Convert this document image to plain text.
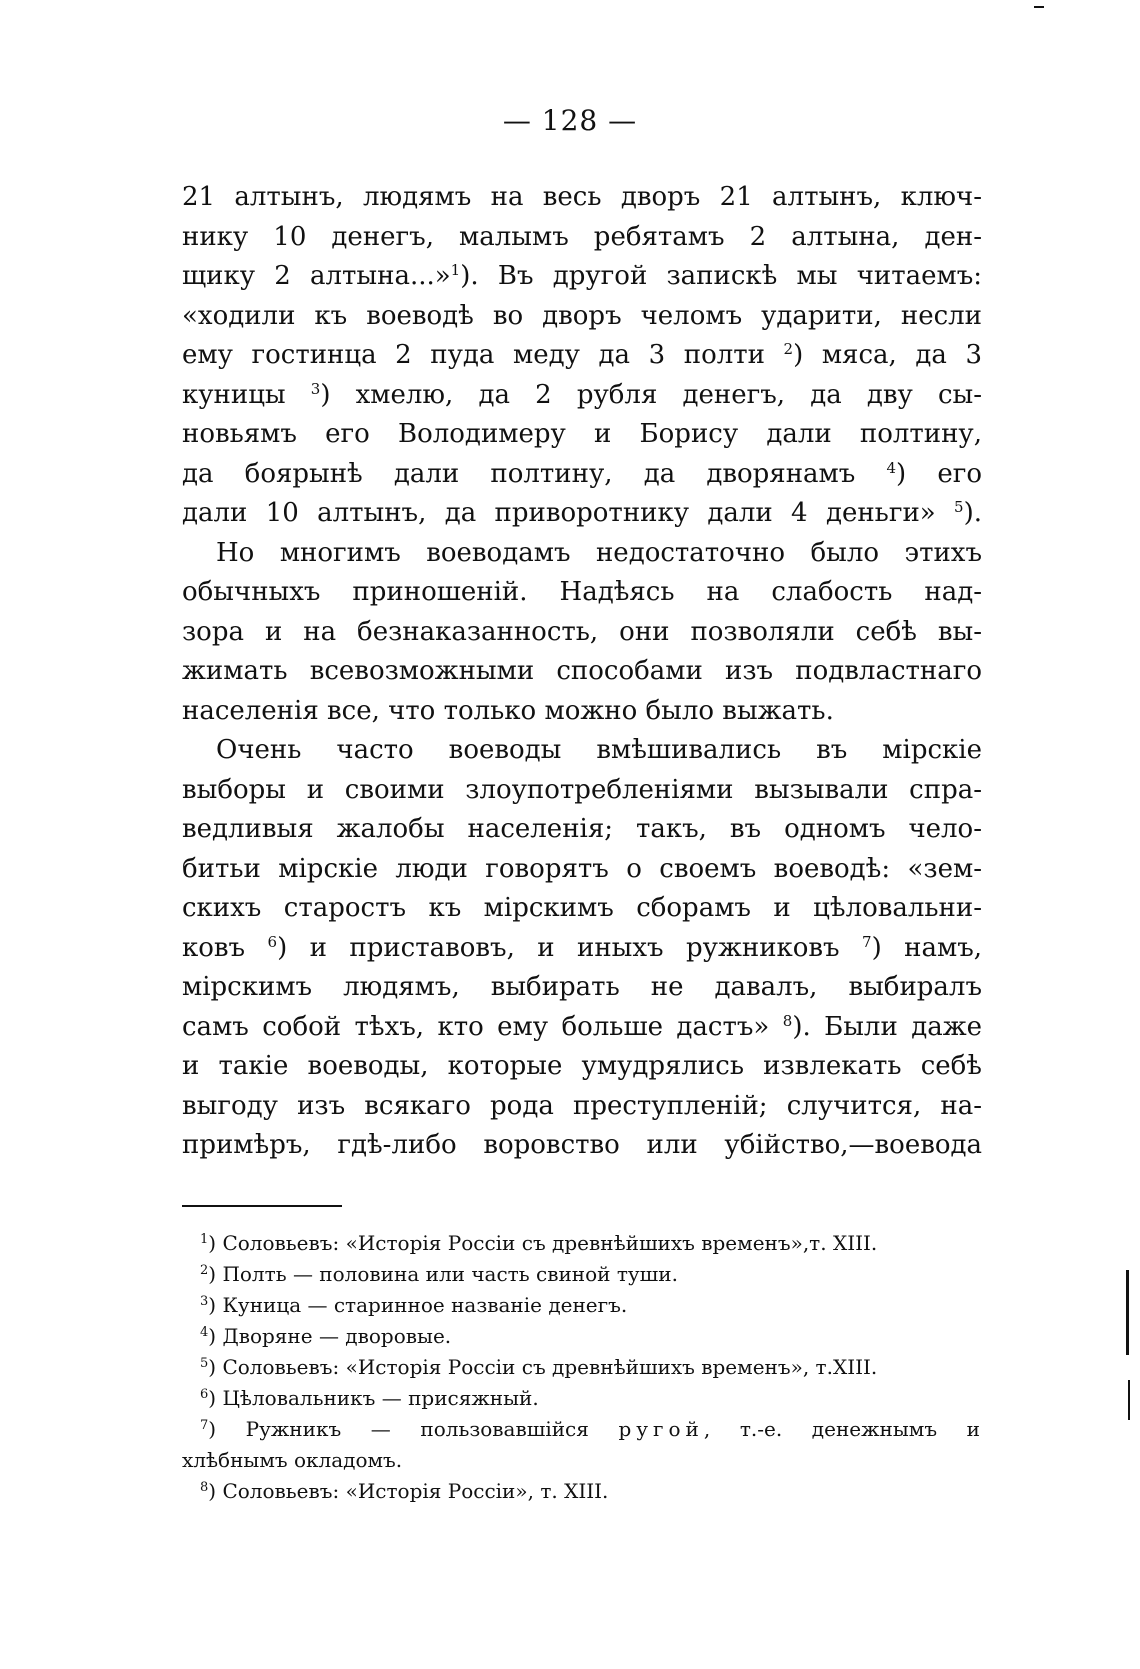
— 128 —
21 алтынъ, людямъ на весь дворъ 21 алтынъ, ключ-
нику 10 денегъ, малымъ ребятамъ 2 алтына, ден-
щику 2 алтына...»$^1$). Въ другой запискѣ мы читаемъ:
«ходили къ воеводѣ во дворъ челомъ ударити, несли
ему гостинца 2 пуда меду да 3 полти $^2$) мяса, да 3
куницы $^3$) хмелю, да 2 рубля денегъ, да дву сы-
новьямъ его Володимеру и Борису дали полтину,
да боярынѣ дали полтину, да дворянамъ $^4$) его
дали 10 алтынъ, да приворотнику дали 4 деньги» $^5$).
Но многимъ воеводамъ недостаточно было этихъ
обычныхъ приношеній. Надѣясь на слабость над-
зора и на безнаказанность, они позволяли себѣ вы-
жимать всевозможными способами изъ подвластнаго
населенія все, что только можно было выжать.
Очень часто воеводы вмѣшивались въ мірскіе
выборы и своими злоупотребленіями вызывали спра-
ведливыя жалобы населенія; такъ, въ одномъ чело-
битьи мірскіе люди говорятъ о своемъ воеводѣ: «зем-
скихъ старостъ къ мірскимъ сборамъ и цѣловальни-
ковъ $^6$) и приставовъ, и иныхъ ружниковъ $^7$) намъ,
мірскимъ людямъ, выбирать не давалъ, выбиралъ
самъ собой тѣхъ, кто ему больше дастъ» $^8$). Были даже
и такіе воеводы, которые умудрялись извлекать себѣ
выгоду изъ всякаго рода преступленій; случится, на-
примѣръ, гдѣ-либо воровство или убійство,—воевода
$^1$) Соловьевъ: «Исторія Россіи съ древнѣйшихъ временъ»,т. XIII.
$^2$) Полть — половина или часть свиной туши.
$^3$) Куница — старинное названіе денегъ.
$^4$) Дворяне — дворовые.
$^5$) Соловьевъ: «Исторія Россіи съ древнѣйшихъ временъ», т.XIII.
$^6$) Цѣловальникъ — присяжный.
$^7$) Ружникъ — пользовавшійся ругой, т.-е. денежнымъ и
хлѣбнымъ окладомъ.
$^8$) Соловьевъ: «Исторія Россіи», т. XIII.
